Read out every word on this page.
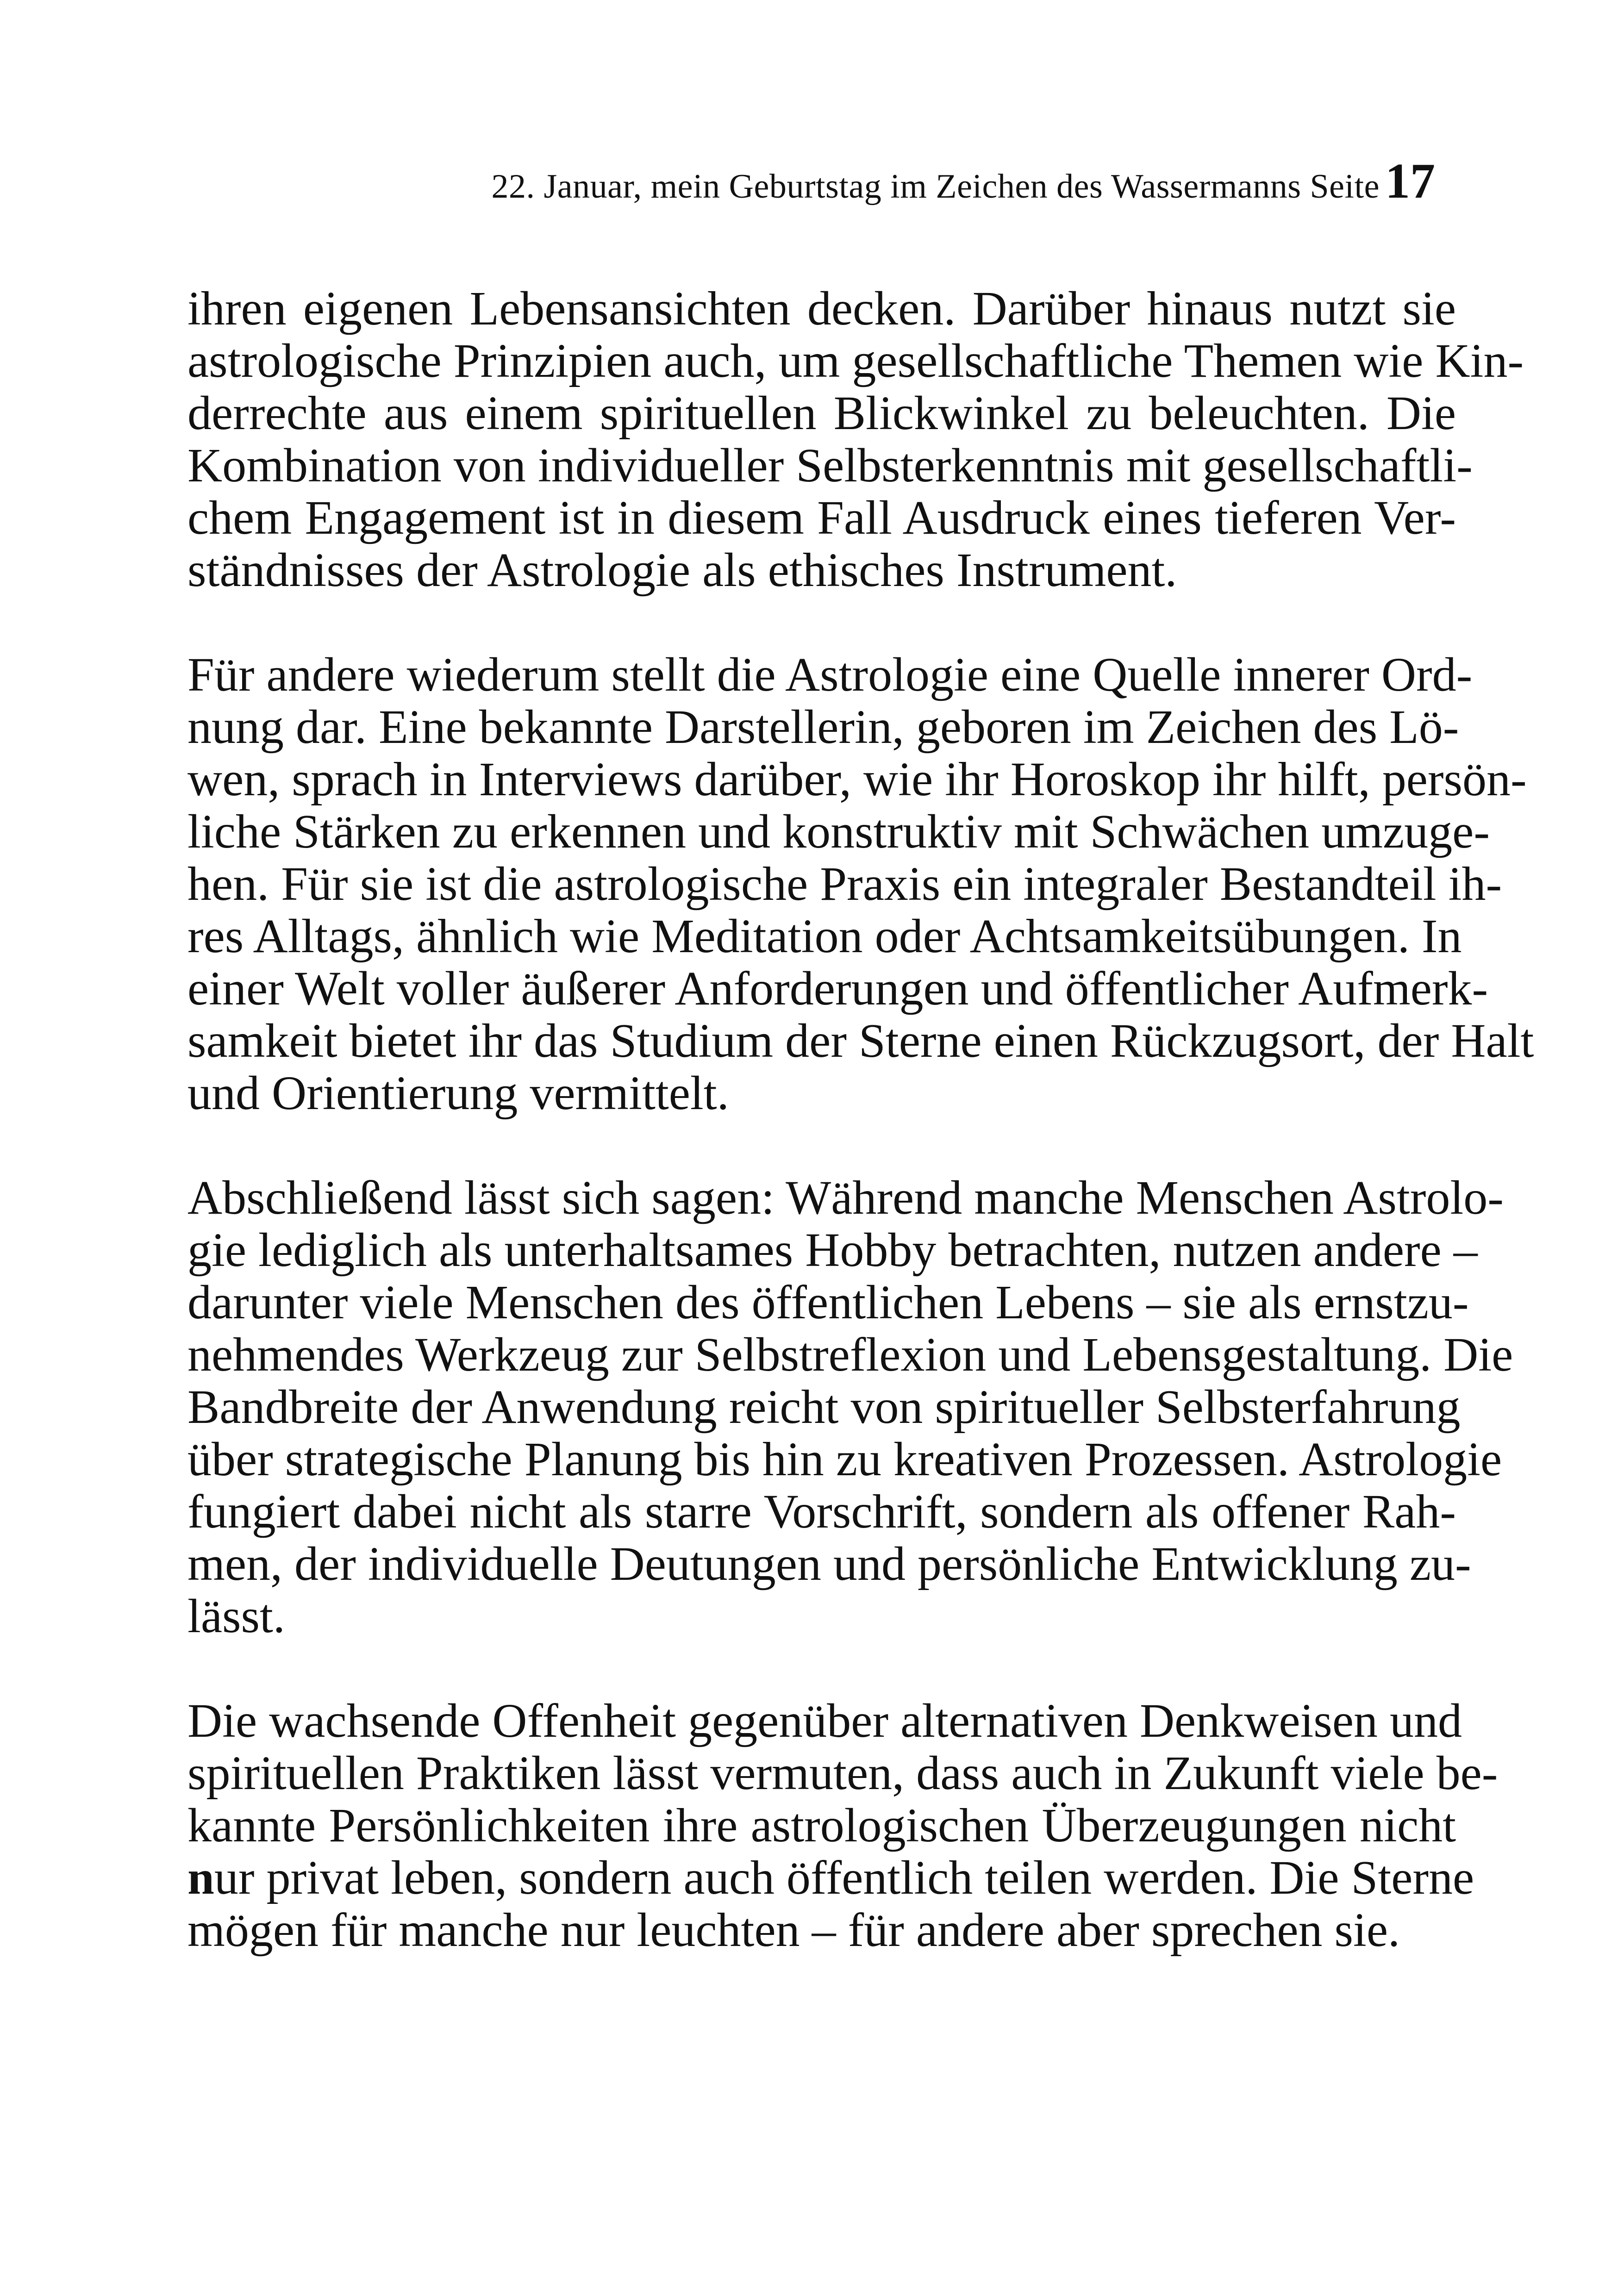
22. Januar, mein Geburtstag im Zeichen des Wassermanns Seite 17
ihren eigenen Lebensansichten decken. Darüber hinaus nutzt sie
astrologische Prinzipien auch, um gesellschaftliche Themen wie Kin-
derrechte aus einem spirituellen Blickwinkel zu beleuchten. Die
Kombination von individueller Selbsterkenntnis mit gesellschaftli-
chem Engagement ist in diesem Fall Ausdruck eines tieferen Ver-
ständnisses der Astrologie als ethisches Instrument.
Für andere wiederum stellt die Astrologie eine Quelle innerer Ord-
nung dar. Eine bekannte Darstellerin, geboren im Zeichen des Lö-
wen, sprach in Interviews darüber, wie ihr Horoskop ihr hilft, persön-
liche Stärken zu erkennen und konstruktiv mit Schwächen umzuge-
hen. Für sie ist die astrologische Praxis ein integraler Bestandteil ih-
res Alltags, ähnlich wie Meditation oder Achtsamkeitsübungen. In
einer Welt voller äußerer Anforderungen und öffentlicher Aufmerk-
samkeit bietet ihr das Studium der Sterne einen Rückzugsort, der Halt
und Orientierung vermittelt.
Abschließend lässt sich sagen: Während manche Menschen Astrolo-
gie lediglich als unterhaltsames Hobby betrachten, nutzen andere –
darunter viele Menschen des öffentlichen Lebens – sie als ernstzu-
nehmendes Werkzeug zur Selbstreflexion und Lebensgestaltung. Die
Bandbreite der Anwendung reicht von spiritueller Selbsterfahrung
über strategische Planung bis hin zu kreativen Prozessen. Astrologie
fungiert dabei nicht als starre Vorschrift, sondern als offener Rah-
men, der individuelle Deutungen und persönliche Entwicklung zu-
lässt.
Die wachsende Offenheit gegenüber alternativen Denkweisen und
spirituellen Praktiken lässt vermuten, dass auch in Zukunft viele be-
kannte Persönlichkeiten ihre astrologischen Überzeugungen nicht
nur privat leben, sondern auch öffentlich teilen werden. Die Sterne
mögen für manche nur leuchten – für andere aber sprechen sie.
